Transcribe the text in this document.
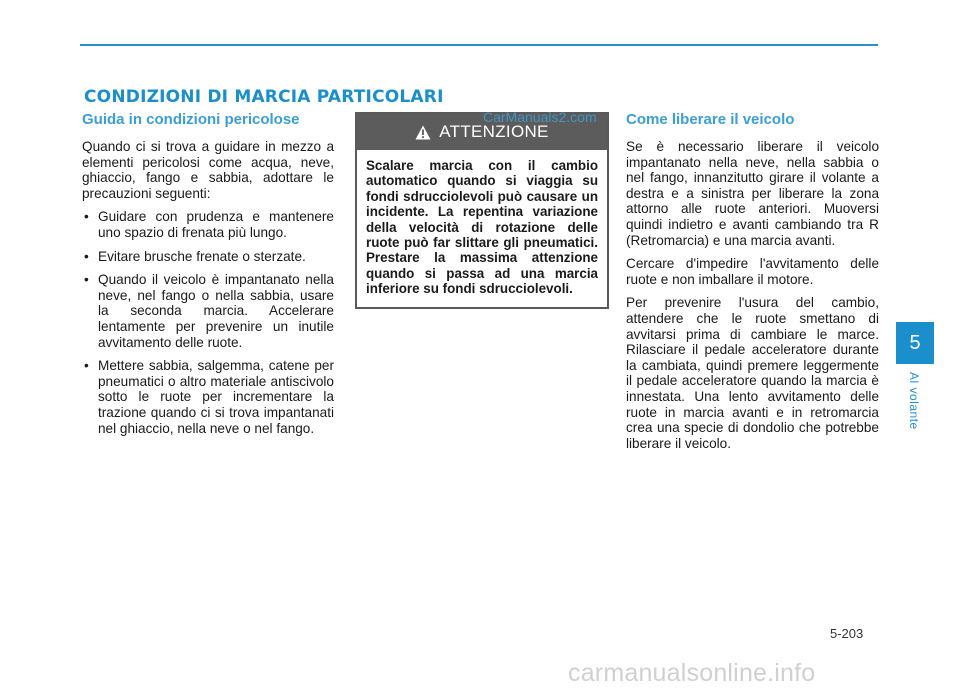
CONDIZIONI DI MARCIA PARTICOLARI
Guida in condizioni pericolose

Quando ci si trova a guidare in mezzo a elementi pericolosi come acqua, neve, ghiaccio, fango e sabbia, adottare le precauzioni seguenti:

• Guidare con prudenza e mantenere uno spazio di frenata più lungo.
• Evitare brusche frenate o sterzate.
• Quando il veicolo è impantanato nella neve, nel fango o nella sabbia, usare la seconda marcia. Accelerare lentamente per prevenire un inutile avvitamento delle ruote.
• Mettere sabbia, salgemma, catene per pneumatici o altro materiale antiscivolo sotto le ruote per incrementare la trazione quando ci si trova impantanati nel ghiaccio, nella neve o nel fango.
ATTENZIONE
Scalare marcia con il cambio automatico quando si viaggia su fondi sdrucciolevoli può causare un incidente. La repentina variazione della velocità di rotazione delle ruote può far slittare gli pneumatici. Prestare la massima attenzione quando si passa ad una marcia inferiore su fondi sdrucciolevoli.
CarManuals2.com Come liberare il veicolo

Se è necessario liberare il veicolo impantanato nella neve, nella sabbia o nel fango, innanzitutto girare il volante a destra e a sinistra per liberare la zona attorno alle ruote anteriori. Muoversi quindi indietro e avanti cambiando tra R (Retromarcia) e una marcia avanti.

Cercare d'impedire l'avvitamento delle ruote e non imballare il motore.

Per prevenire l'usura del cambio, attendere che le ruote smettano di avvitarsi prima di cambiare le marce. Rilasciare il pedale acceleratore durante la cambiata, quindi premere leggermente il pedale acceleratore quando la marcia è innestata. Una lento avvitamento delle ruote in marcia avanti e in retromarcia crea una specie di dondolio che potrebbe liberare il veicolo.

5
Al volante
5-203
carmanualsonline.info
